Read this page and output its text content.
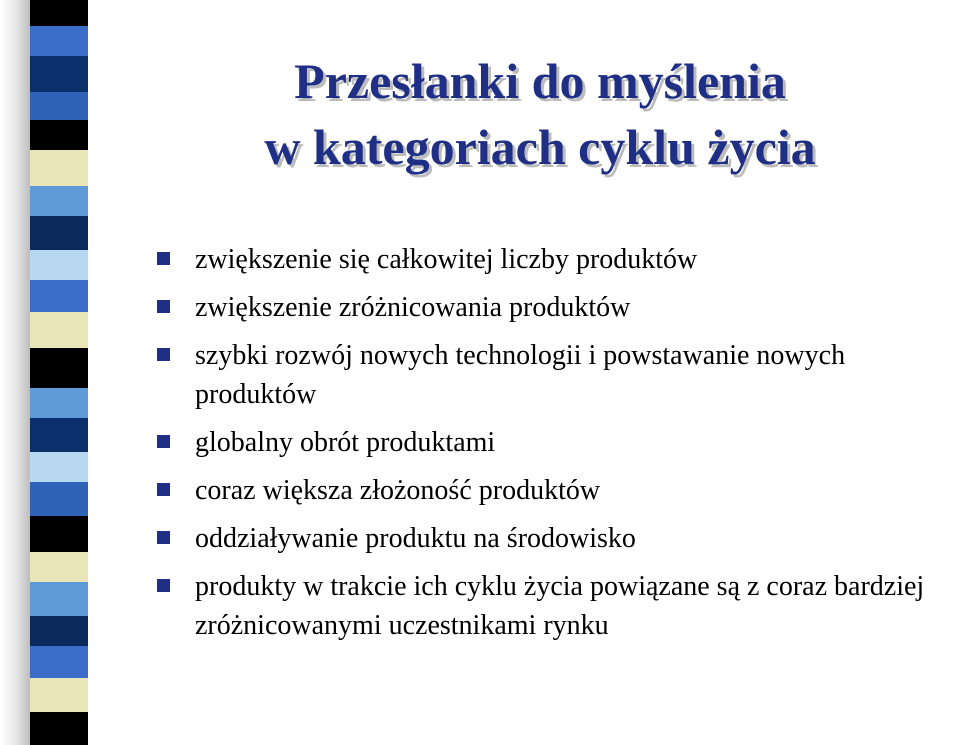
Przesłanki do myślenia
w kategoriach cyklu życia
zwiększenie się całkowitej liczby produktów
zwiększenie zróżnicowania produktów
szybki rozwój nowych technologii i powstawanie nowych produktów
globalny obrót produktami
coraz większa złożoność produktów
oddziaływanie produktu na środowisko
produkty w trakcie ich cyklu życia powiązane są z coraz bardziej zróżnicowanymi uczestnikami rynku
